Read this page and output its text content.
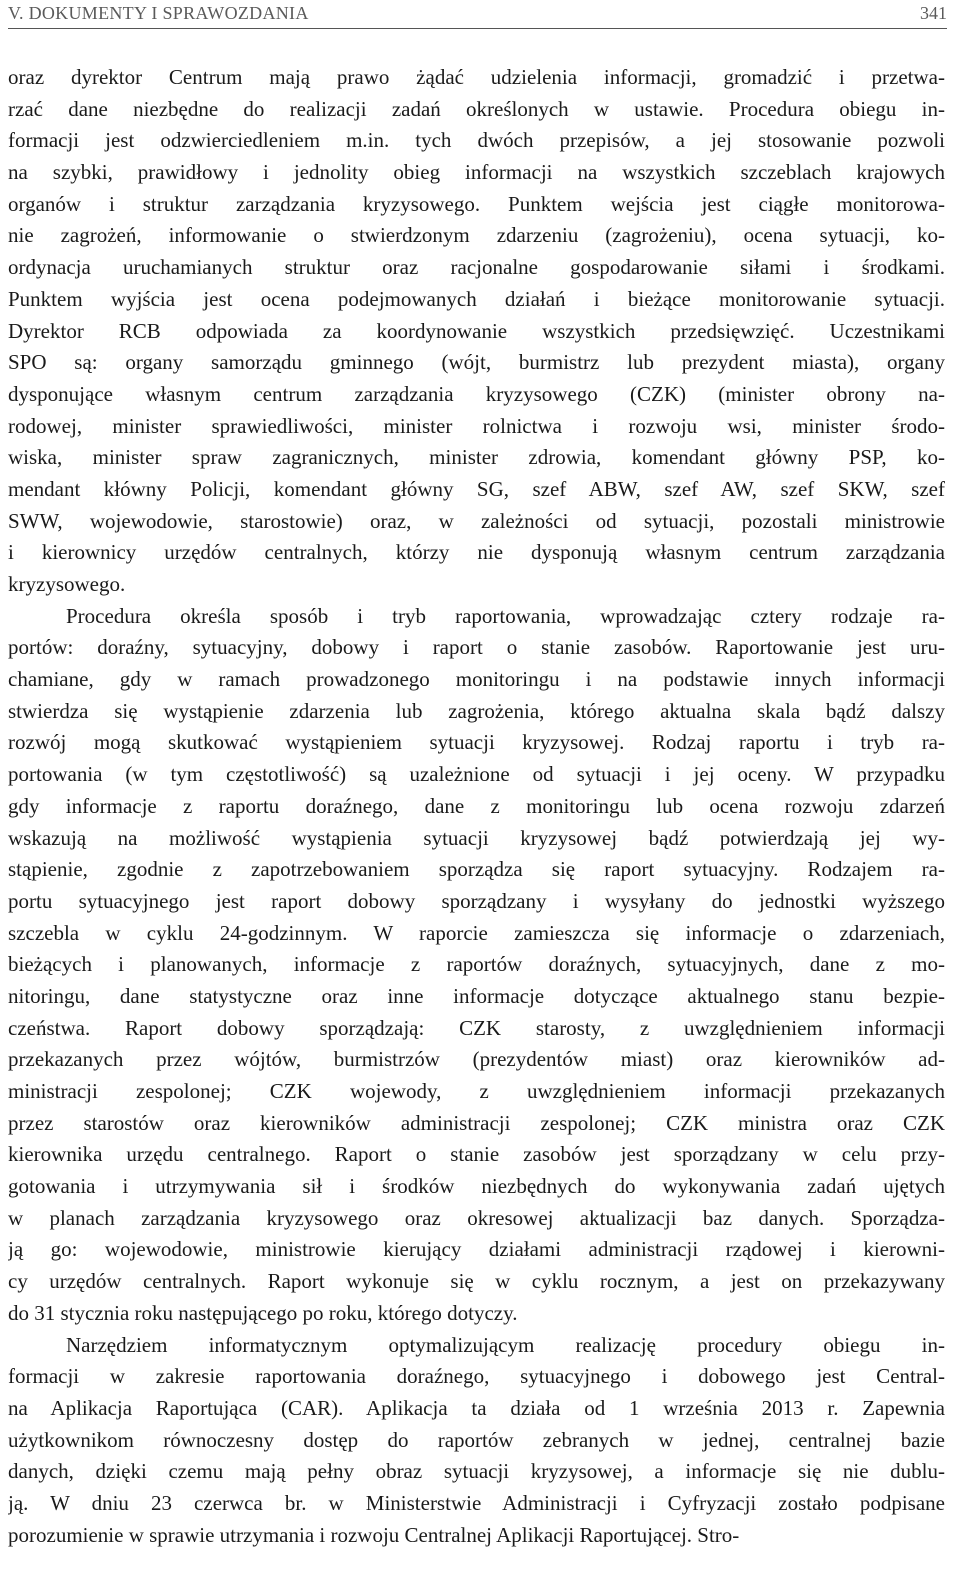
V. DOKUMENTY I SPRAWOZDANIA	341
oraz dyrektor Centrum mają prawo żądać udzielenia informacji, gromadzić i przetwa-
rzać dane niezbędne do realizacji zadań określonych w ustawie. Procedura obiegu in-
formacji jest odzwierciedleniem m.in. tych dwóch przepisów, a jej stosowanie pozwoli
na szybki, prawidłowy i jednolity obieg informacji na wszystkich szczeblach krajowych
organów i struktur zarządzania kryzysowego. Punktem wejścia jest ciągłe monitorowa-
nie zagrożeń, informowanie o stwierdzonym zdarzeniu (zagrożeniu), ocena sytuacji, ko-
ordynacja uruchamianych struktur oraz racjonalne gospodarowanie siłami i środkami.
Punktem wyjścia jest ocena podejmowanych działań i bieżące monitorowanie sytuacji.
Dyrektor RCB odpowiada za koordynowanie wszystkich przedsięwzięć. Uczestnikami
SPO są: organy samorządu gminnego (wójt, burmistrz lub prezydent miasta), organy
dysponujące własnym centrum zarządzania kryzysowego (CZK) (minister obrony na-
rodowej, minister sprawiedliwości, minister rolnictwa i rozwoju wsi, minister środo-
wiska, minister spraw zagranicznych, minister zdrowia, komendant główny PSP, ko-
mendant kłówny Policji, komendant główny SG, szef ABW, szef AW, szef SKW, szef
SWW, wojewodowie, starostowie) oraz, w zależności od sytuacji, pozostali ministrowie
i kierownicy urzędów centralnych, którzy nie dysponują własnym centrum zarządzania
kryzysowego.
Procedura określa sposób i tryb raportowania, wprowadzając cztery rodzaje ra-
portów: doraźny, sytuacyjny, dobowy i raport o stanie zasobów. Raportowanie jest uru-
chamiane, gdy w ramach prowadzonego monitoringu i na podstawie innych informacji
stwierdza się wystąpienie zdarzenia lub zagrożenia, którego aktualna skala bądź dalszy
rozwój mogą skutkować wystąpieniem sytuacji kryzysowej. Rodzaj raportu i tryb ra-
portowania (w tym częstotliwość) są uzależnione od sytuacji i jej oceny. W przypadku
gdy informacje z raportu doraźnego, dane z monitoringu lub ocena rozwoju zdarzeń
wskazują na możliwość wystąpienia sytuacji kryzysowej bądź potwierdzają jej wy-
stąpienie, zgodnie z zapotrzebowaniem sporządza się raport sytuacyjny. Rodzajem ra-
portu sytuacyjnego jest raport dobowy sporządzany i wysyłany do jednostki wyższego
szczebla w cyklu 24-godzinnym. W raporcie zamieszcza się informacje o zdarzeniach,
bieżących i planowanych, informacje z raportów doraźnych, sytuacyjnych, dane z mo-
nitoringu, dane statystyczne oraz inne informacje dotyczące aktualnego stanu bezpie-
czeństwa. Raport dobowy sporządzają: CZK starosty, z uwzględnieniem informacji
przekazanych przez wójtów, burmistrzów (prezydentów miast) oraz kierowników ad-
ministracji zespolonej; CZK wojewody, z uwzględnieniem informacji przekazanych
przez starostów oraz kierowników administracji zespolonej; CZK ministra oraz CZK
kierownika urzędu centralnego. Raport o stanie zasobów jest sporządzany w celu przy-
gotowania i utrzymywania sił i środków niezbędnych do wykonywania zadań ujętych
w planach zarządzania kryzysowego oraz okresowej aktualizacji baz danych. Sporządza-
ją go: wojewodowie, ministrowie kierujący działami administracji rządowej i kierowni-
cy urzędów centralnych. Raport wykonuje się w cyklu rocznym, a jest on przekazywany
do 31 stycznia roku następującego po roku, którego dotyczy.
Narzędziem informatycznym optymalizującym realizację procedury obiegu in-
formacji w zakresie raportowania doraźnego, sytuacyjnego i dobowego jest Central-
na Aplikacja Raportująca (CAR). Aplikacja ta działa od 1 września 2013 r. Zapewnia
użytkownikom równoczesny dostęp do raportów zebranych w jednej, centralnej bazie
danych, dzięki czemu mają pełny obraz sytuacji kryzysowej, a informacje się nie dublu-
ją. W dniu 23 czerwca br. w Ministerstwie Administracji i Cyfryzacji zostało podpisane
porozumienie w sprawie utrzymania i rozwoju Centralnej Aplikacji Raportującej. Stro-
